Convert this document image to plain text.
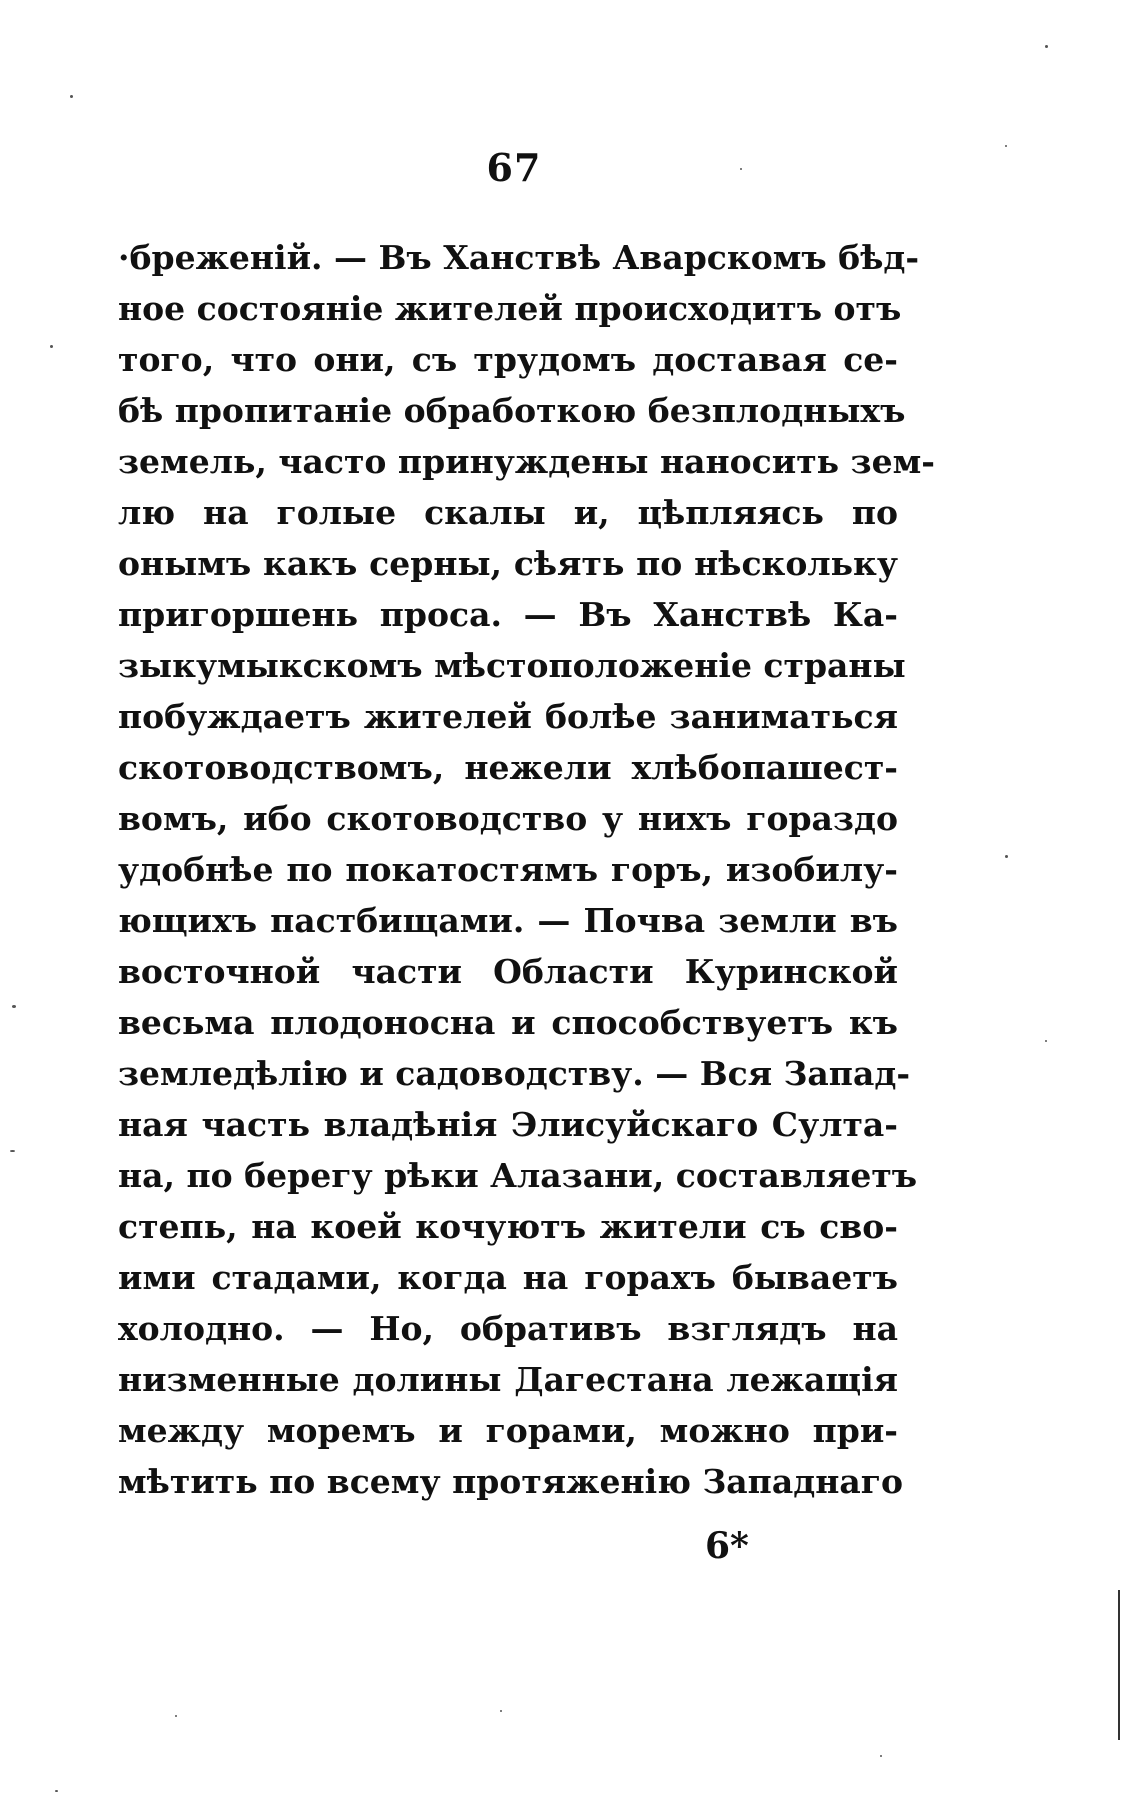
67
·бреженій. — Въ Ханствѣ Аварскомъ бѣд-
ное состояніе жителей происходитъ отъ
того, что они, съ трудомъ доставая се-
бѣ пропитаніе обработкою безплодныхъ
земель, часто принуждены наносить зем-
лю на голые скалы и, цѣпляясь по
онымъ какъ серны, сѣять по нѣскольку
пригоршень проса. — Въ Ханствѣ Ка-
зыкумыкскомъ мѣстоположеніе страны
побуждаетъ жителей болѣе заниматься
скотоводствомъ, нежели хлѣбопашест-
вомъ, ибо скотоводство у нихъ гораздо
удобнѣе по покатостямъ горъ, изобилу-
ющихъ пастбищами. — Почва земли въ
восточной части Области Куринской
весьма плодоносна и способствуетъ къ
земледѣлію и садоводству. — Вся Запад-
ная часть владѣнія Элисуйскаго Султа-
на, по берегу рѣки Алазани, составляетъ
степь, на коей кочуютъ жители съ сво-
ими стадами, когда на горахъ бываетъ
холодно. — Но, обративъ взглядъ на
низменные долины Дагестана лежащія
между моремъ и горами, можно при-
мѣтить по всему протяженію Западнаго
6*
